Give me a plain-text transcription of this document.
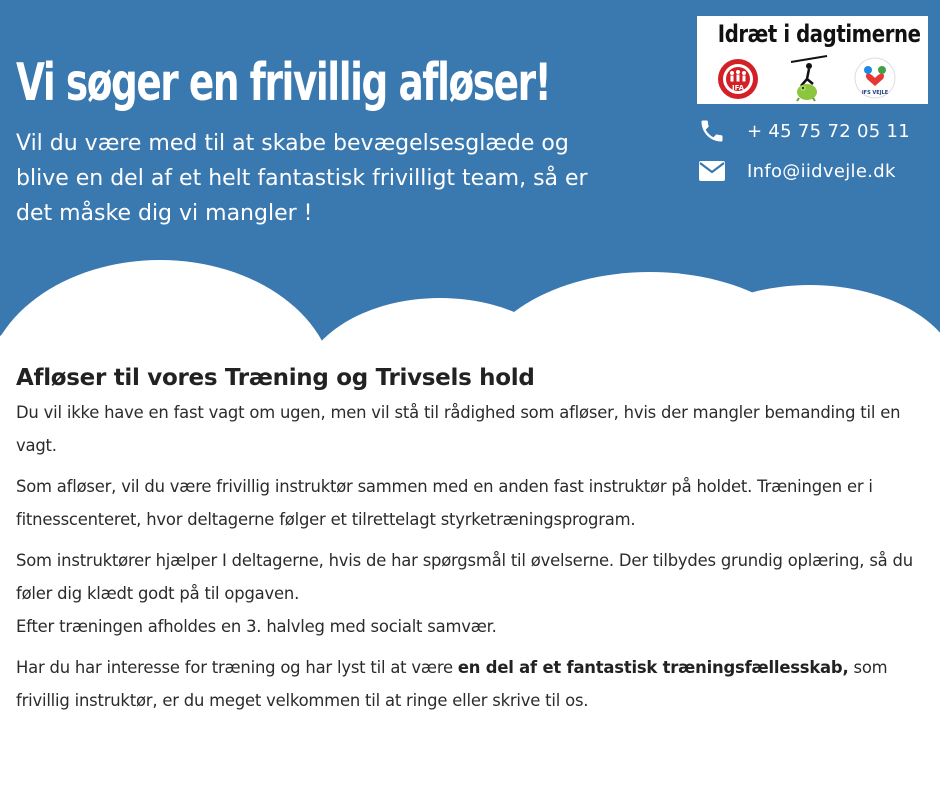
Vi søger en frivillig afløser!

Vil du være med til at skabe bevægelsesglæde og blive en del af et helt fantastisk frivilligt team, så er det måske dig vi mangler !

Idræt i dagtimerne
IFA
IFS VEJLE
+ 45 75 72 05 11
Info@iidvejle.dk
Afløser til vores Træning og Trivsels hold

Du vil ikke have en fast vagt om ugen, men vil stå til rådighed som afløser, hvis der mangler bemanding til en vagt.

Som afløser, vil du være frivillig instruktør sammen med en anden fast instruktør på holdet. Træningen er i fitnesscenteret, hvor deltagerne følger et tilrettelagt styrketræningsprogram.

Som instruktører hjælper I deltagerne, hvis de har spørgsmål til øvelserne. Der tilbydes grundig oplæring, så du føler dig klædt godt på til opgaven.
Efter træningen afholdes en 3. halvleg med socialt samvær.

Har du har interesse for træning og har lyst til at være en del af et fantastisk træningsfællesskab, som frivillig instruktør, er du meget velkommen til at ringe eller skrive til os.
